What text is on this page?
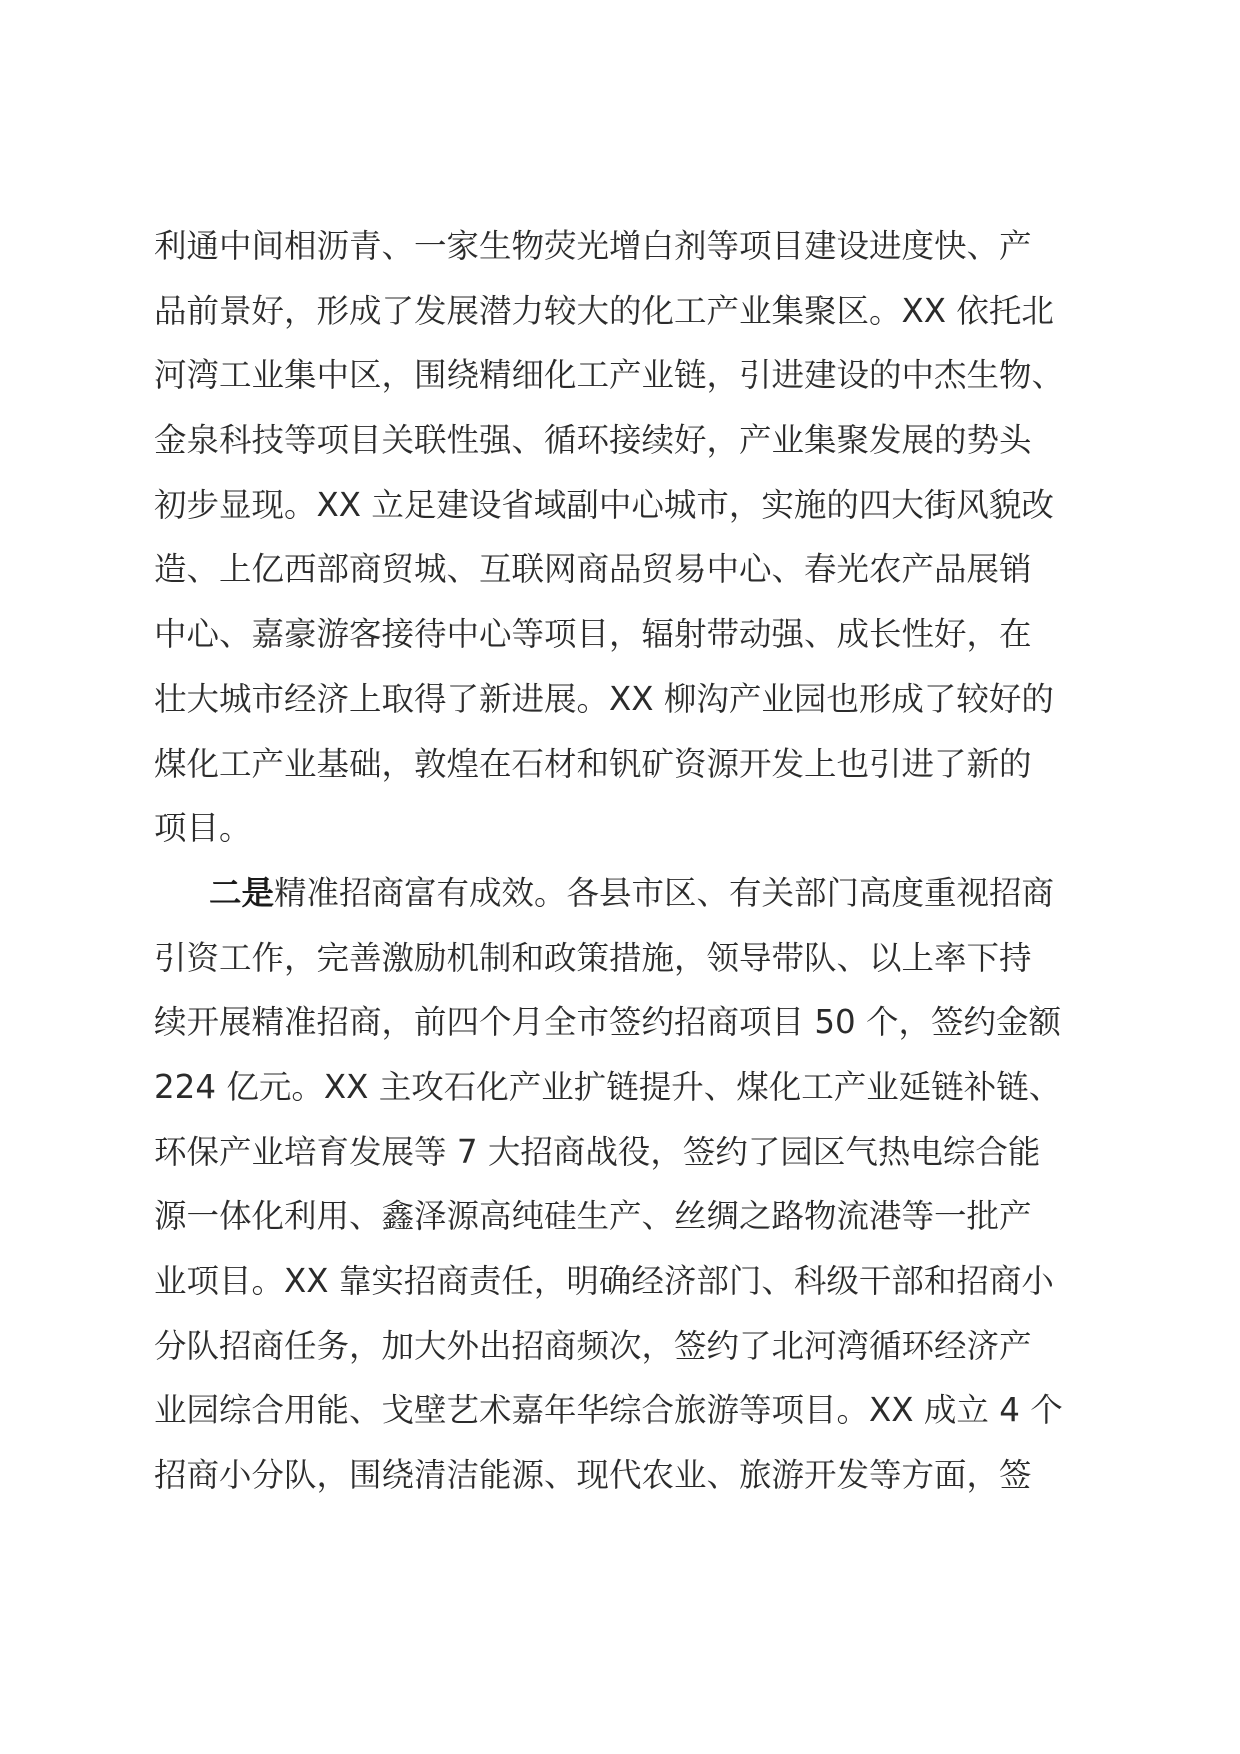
利通中间相沥青、一家生物荧光增白剂等项目建设进度快、产
品前景好，形成了发展潜力较大的化工产业集聚区。XX 依托北
河湾工业集中区，围绕精细化工产业链，引进建设的中杰生物、
金泉科技等项目关联性强、循环接续好，产业集聚发展的势头
初步显现。XX 立足建设省域副中心城市，实施的四大街风貌改
造、上亿西部商贸城、互联网商品贸易中心、春光农产品展销
中心、嘉豪游客接待中心等项目，辐射带动强、成长性好，在
壮大城市经济上取得了新进展。XX 柳沟产业园也形成了较好的
煤化工产业基础，敦煌在石材和钒矿资源开发上也引进了新的
项目。
二是精准招商富有成效。各县市区、有关部门高度重视招商
引资工作，完善激励机制和政策措施，领导带队、以上率下持
续开展精准招商，前四个月全市签约招商项目 50 个，签约金额
224 亿元。XX 主攻石化产业扩链提升、煤化工产业延链补链、
环保产业培育发展等 7 大招商战役，签约了园区气热电综合能
源一体化利用、鑫泽源高纯硅生产、丝绸之路物流港等一批产
业项目。XX 靠实招商责任，明确经济部门、科级干部和招商小
分队招商任务，加大外出招商频次，签约了北河湾循环经济产
业园综合用能、戈壁艺术嘉年华综合旅游等项目。XX 成立 4 个
招商小分队，围绕清洁能源、现代农业、旅游开发等方面，签
